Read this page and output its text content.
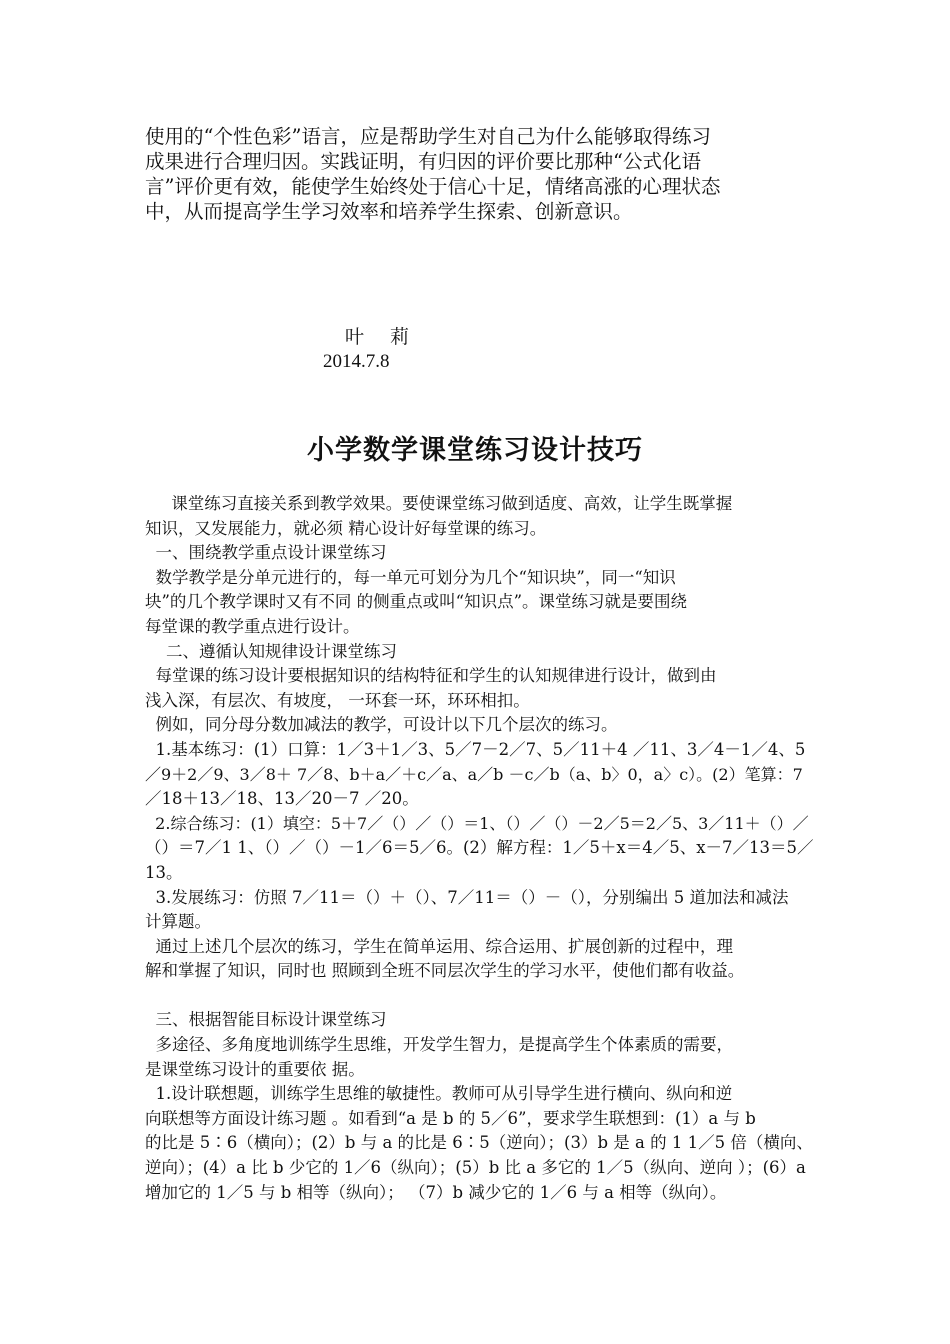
使用的“个性色彩”语言，应是帮助学生对自己为什么能够取得练习

成果进行合理归因。实践证明，有归因的评价要比那种“公式化语

言”评价更有效，能使学生始终处于信心十足，情绪高涨的心理状态

中，从而提高学生学习效率和培养学生探索、创新意识。

叶 莉
2014.7.8
小学数学课堂练习设计技巧

课堂练习直接关系到教学效果。要使课堂练习做到适度、高效，让学生既掌握

知识，又发展能力，就必须 精心设计好每堂课的练习。

一、围绕教学重点设计课堂练习

数学教学是分单元进行的，每一单元可划分为几个“知识块”，同一“知识

块”的几个教学课时又有不同 的侧重点或叫“知识点”。课堂练习就是要围绕

每堂课的教学重点进行设计。

二、遵循认知规律设计课堂练习

每堂课的练习设计要根据知识的结构特征和学生的认知规律进行设计，做到由

浅入深，有层次、有坡度， 一环套一环，环环相扣。

例如，同分母分数加减法的教学，可设计以下几个层次的练习。

1.基本练习：(1）口算：1／3＋1／3、5／7－2／7、5／11＋4 ／11、3／4－1／4、5

／9＋2／9、3／8＋ 7／8、b＋a／＋c／a、a／b －c／b（a、b〉0，a〉c）。(2）笔算：7

／18＋13／18、13／20－7 ／20。

2.综合练习：(1）填空：5＋7／（）／（）＝1、（）／（）－2／5＝2／5、3／11＋（）／

（）＝7／1 1、（）／（）－1／6＝5／6。(2）解方程：1／5＋x＝4／5、x－7／13＝5／

13。

3.发展练习：仿照 7／11＝（）＋（）、7／11＝（）－（），分别编出 5 道加法和减法

计算题。

通过上述几个层次的练习，学生在简单运用、综合运用、扩展创新的过程中，理

解和掌握了知识，同时也 照顾到全班不同层次学生的学习水平，使他们都有收益。

三、根据智能目标设计课堂练习

多途径、多角度地训练学生思维，开发学生智力，是提高学生个体素质的需要，

是课堂练习设计的重要依 据。

1.设计联想题，训练学生思维的敏捷性。教师可从引导学生进行横向、纵向和逆

向联想等方面设计练习题 。如看到“a 是 b 的 5／6”，要求学生联想到：(1）a 与 b

的比是 5∶6（横向）；(2）b 与 a 的比是 6∶5（逆向）；(3）b 是 a 的 1 1／5 倍（横向、

逆向）；(4）a 比 b 少它的 1／6（纵向）；(5）b 比 a 多它的 1／5（纵向、逆向 ）；(6）a

增加它的 1／5 与 b 相等（纵向）； （7）b 减少它的 1／6 与 a 相等（纵向）。
